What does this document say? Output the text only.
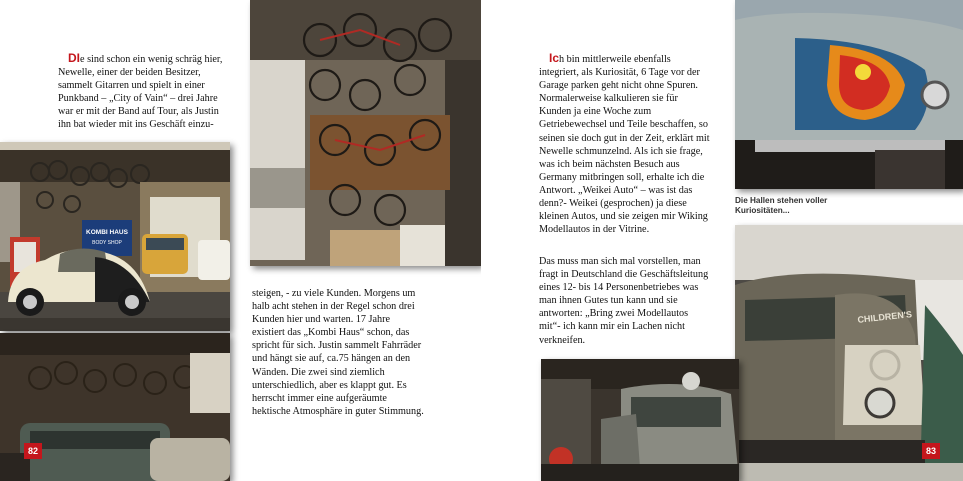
DIe sind schon ein wenig schräg hier, Newelle, einer der beiden Besitzer, sammelt Gitarren und spielt in einer Punkband – „City of Vain“ – drei Jahre war er mit der Band auf Tour, als Justin ihn bat wieder mit ins Geschäft einzu-

KOMBI HAUS
BODY SHOP

steigen, - zu viele Kunden. Morgens um halb acht stehen in der Regel schon drei Kunden hier und warten. 17 Jahre existiert das „Kombi Haus“ schon, das spricht für sich. Justin sammelt Fahrräder und hängt sie auf, ca.75 hängen an den Wänden. Die zwei sind ziemlich unterschiedlich, aber es klappt gut. Es herrscht immer eine aufgeräumte hektische Atmosphäre in guter Stimmung.

82

Ich bin mittlerweile ebenfalls integriert, als Kuriosität, 6 Tage vor der Garage parken geht nicht ohne Spuren. Normalerweise kalkulieren sie für Kunden ja eine Woche zum Getriebewechsel und Teile beschaffen, so seinen sie doch gut in der Zeit, erklärt mit Newelle schmunzelnd. Als ich sie frage, was ich beim nächsten Besuch aus Germany mitbringen soll, erhalte ich die Antwort. „Weikei Auto“ – was ist das denn?- Weikei (gesprochen) ja diese kleinen Autos, und sie zeigen mir Wiking Modellautos in der Vitrine.

Das muss man sich mal vorstellen, man fragt in Deutschland die Geschäftsleitung eines 12- bis 14 Personenbetriebes was man ihnen Gutes tun kann und sie antworten: „Bring zwei Modellautos mit“- ich kann mir ein Lachen nicht verkneifen.

Die Hallen stehen voller Kuriositäten...
CHILDREN'S
83
